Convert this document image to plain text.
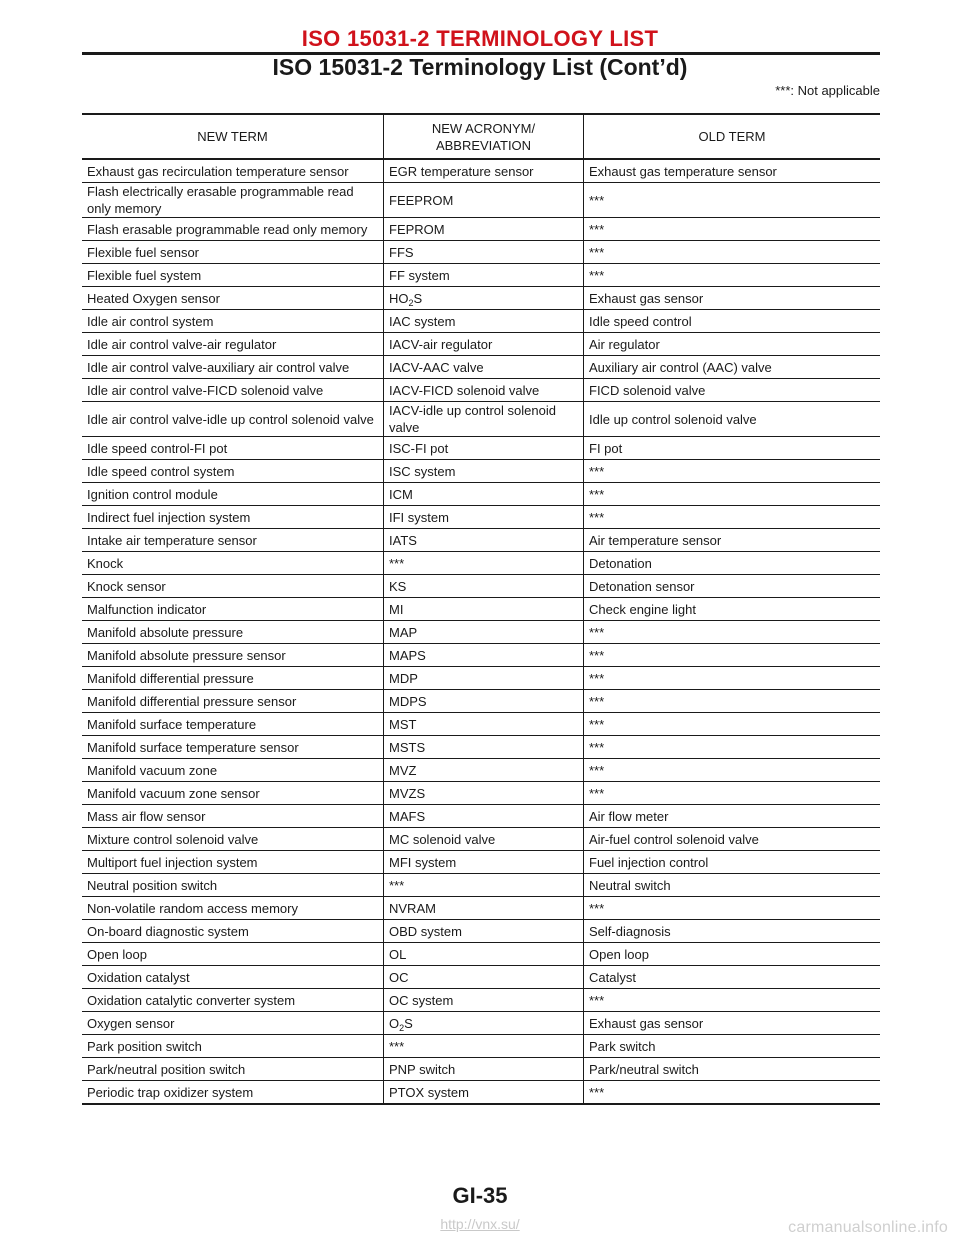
ISO 15031-2 TERMINOLOGY LIST
ISO 15031-2 Terminology List (Cont’d)
***: Not applicable
NEW TERM	NEW ACRONYM/ ABBREVIATION	OLD TERM
Exhaust gas recirculation temperature sensor	EGR temperature sensor	Exhaust gas temperature sensor
Flash electrically erasable programmable read only memory	FEEPROM	***
Flash erasable programmable read only memory	FEPROM	***
Flexible fuel sensor	FFS	***
Flexible fuel system	FF system	***
Heated Oxygen sensor	$HO_2S$	Exhaust gas sensor
Idle air control system	IAC system	Idle speed control
Idle air control valve-air regulator	IACV-air regulator	Air regulator
Idle air control valve-auxiliary air control valve	IACV-AAC valve	Auxiliary air control (AAC) valve
Idle air control valve-FICD solenoid valve	IACV-FICD solenoid valve	FICD solenoid valve
Idle air control valve-idle up control solenoid valve	IACV-idle up control solenoid valve	Idle up control solenoid valve
Idle speed control-FI pot	ISC-FI pot	FI pot
Idle speed control system	ISC system	***
Ignition control module	ICM	***
Indirect fuel injection system	IFI system	***
Intake air temperature sensor	IATS	Air temperature sensor
Knock	***	Detonation
Knock sensor	KS	Detonation sensor
Malfunction indicator	MI	Check engine light
Manifold absolute pressure	MAP	***
Manifold absolute pressure sensor	MAPS	***
Manifold differential pressure	MDP	***
Manifold differential pressure sensor	MDPS	***
Manifold surface temperature	MST	***
Manifold surface temperature sensor	MSTS	***
Manifold vacuum zone	MVZ	***
Manifold vacuum zone sensor	MVZS	***
Mass air flow sensor	MAFS	Air flow meter
Mixture control solenoid valve	MC solenoid valve	Air-fuel control solenoid valve
Multiport fuel injection system	MFI system	Fuel injection control
Neutral position switch	***	Neutral switch
Non-volatile random access memory	NVRAM	***
On-board diagnostic system	OBD system	Self-diagnosis
Open loop	OL	Open loop
Oxidation catalyst	OC	Catalyst
Oxidation catalytic converter system	OC system	***
Oxygen sensor	$O_2S$	Exhaust gas sensor
Park position switch	***	Park switch
Park/neutral position switch	PNP switch	Park/neutral switch
Periodic trap oxidizer system	PTOX system	***
GI-35
http://vnx.su/	carmanualsonline.info
